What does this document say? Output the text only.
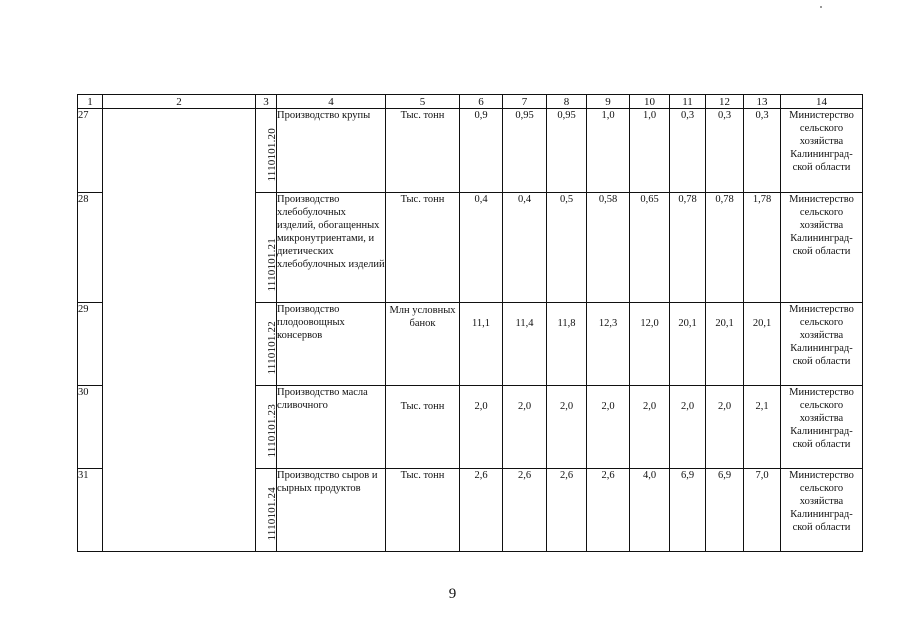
1	2	3	4	5	6	7	8	9	10	11	12	13	14
27		1110101.20	Производство крупы	Тыс. тонн	0,9	0,95	0,95	1,0	1,0	0,3	0,3	0,3	Министерство сельского хозяйства Калининград- ской области
28		1110101.21	Производство хлебобулочных изделий, обогащенных микронутриентами, и диетических хлебобулочных изделий	Тыс. тонн	0,4	0,4	0,5	0,58	0,65	0,78	0,78	1,78	Министерство сельского хозяйства Калининград- ской области
29		1110101.22	Производство плодоовощных консервов	Млн условных банок	11,1	11,4	11,8	12,3	12,0	20,1	20,1	20,1	Министерство сельского хозяйства Калининград- ской области
30		1110101.23	Производство масла сливочного	Тыс. тонн	2,0	2,0	2,0	2,0	2,0	2,0	2,0	2,1	Министерство сельского хозяйства Калининград- ской области
31		1110101.24	Производство сыров и сырных продуктов	Тыс. тонн	2,6	2,6	2,6	2,6	4,0	6,9	6,9	7,0	Министерство сельского хозяйства Калининград- ской области
9
